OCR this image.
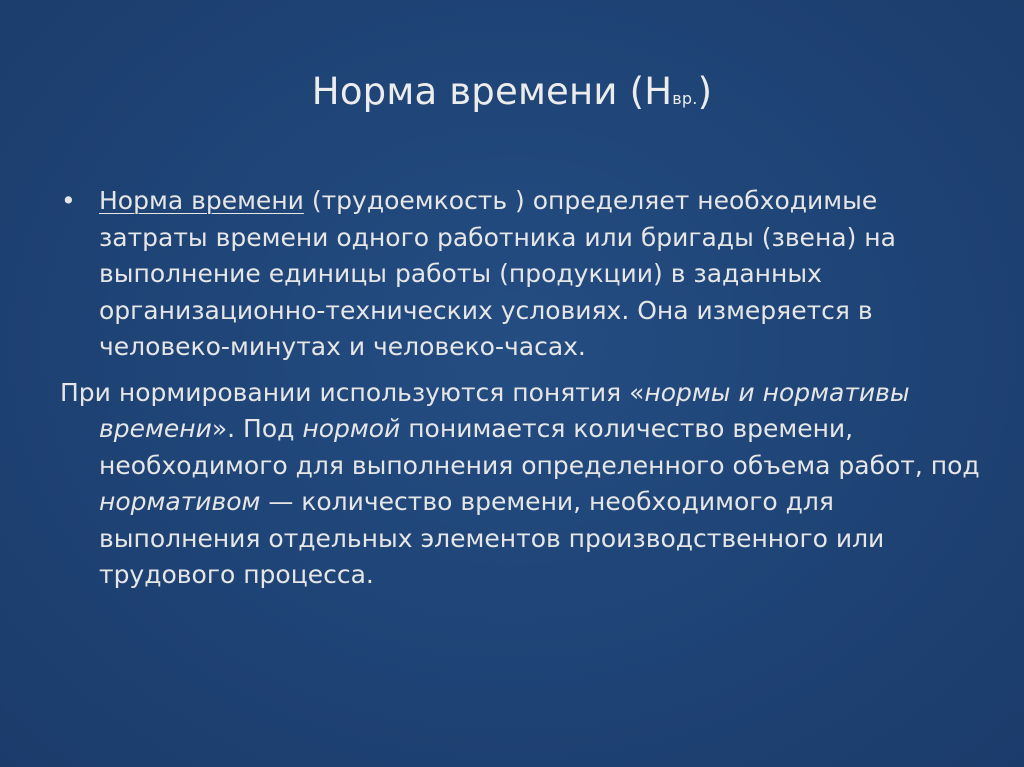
Норма времени (Нвр.)

• Норма времени (трудоемкость ) определяет необходимые затраты времени одного работника или бригады (звена) на выполнение единицы работы (продукции) в заданных организационно-технических условиях. Она измеряется в человеко-минутах и человеко-часах.

При нормировании используются понятия «нормы и нормативы времени». Под нормой понимается количество времени, необходимого для выполнения определенного объема работ, под нормативом — количество времени, необходимого для выполнения отдельных элементов производственного или трудового процесса.
